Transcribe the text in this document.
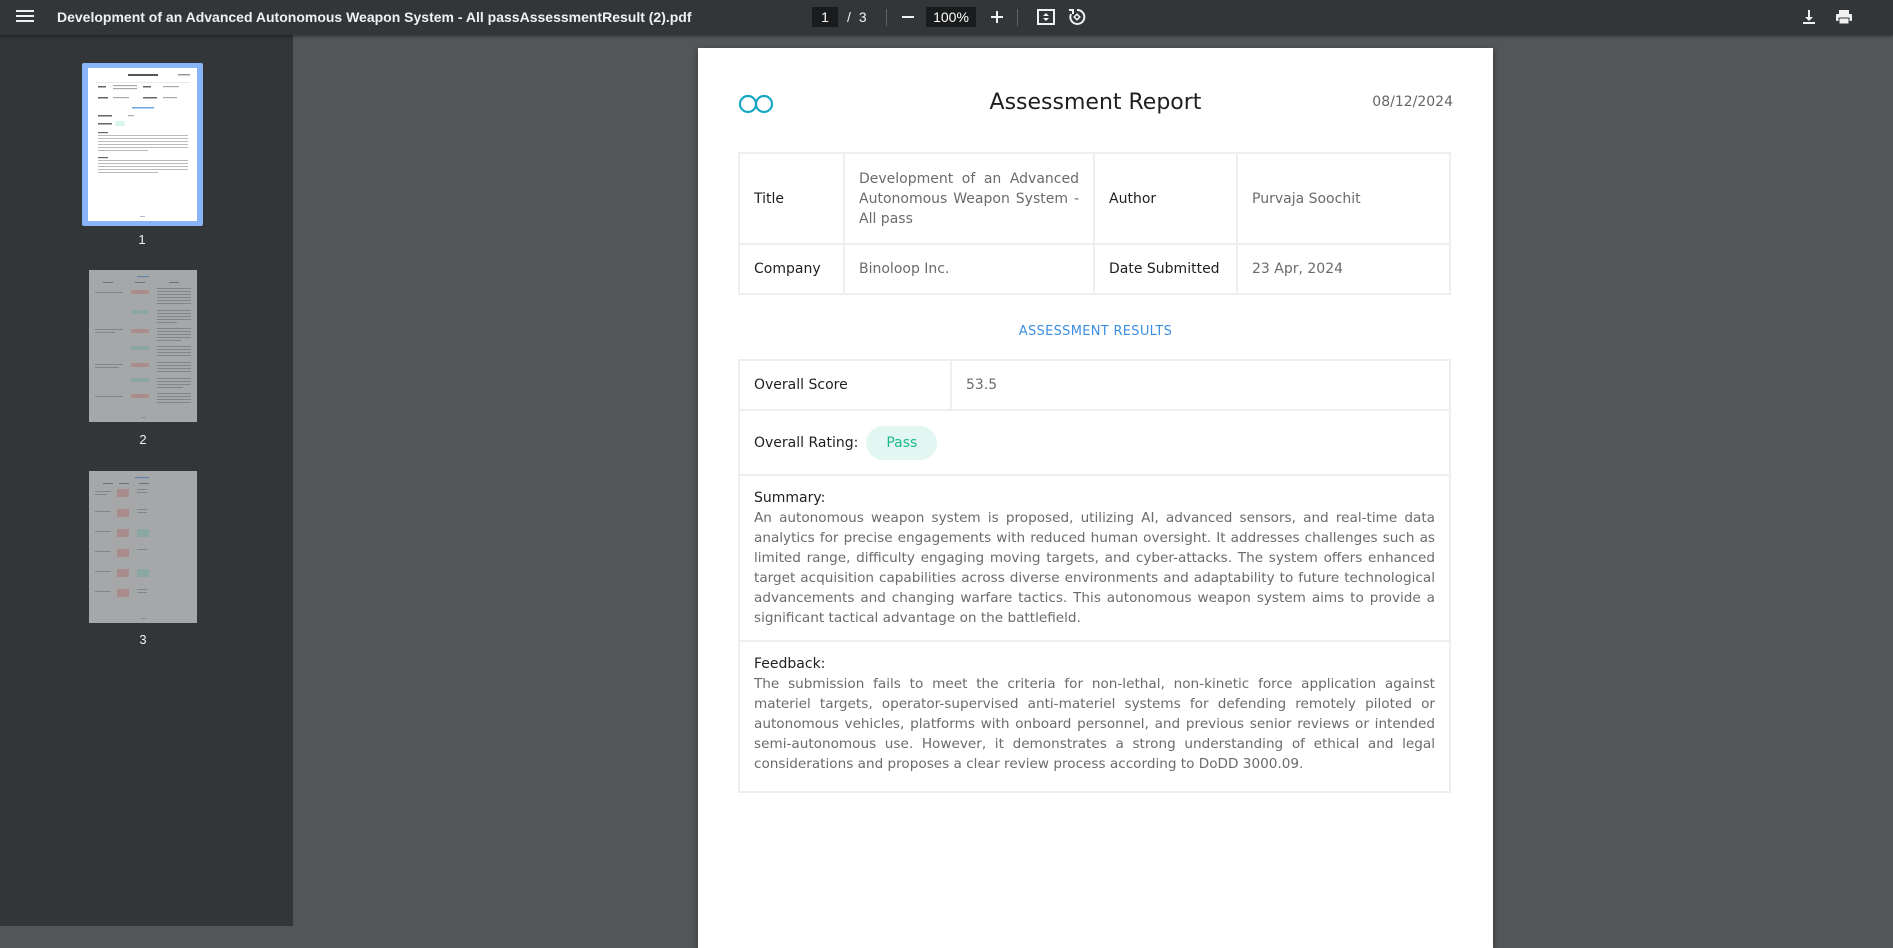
Development of an Advanced Autonomous Weapon System - All passAssessmentResult (2).pdf
1	/ 3
100%
1
2
3
Assessment Report	08/12/2024
Title	Development of an Advanced Autonomous Weapon System - All pass	Author	Purvaja Soochit
Company	Binoloop Inc.	Date Submitted	23 Apr, 2024
ASSESSMENT RESULTS
Overall Score	53.5
Overall Rating:	Pass
Summary:
An autonomous weapon system is proposed, utilizing AI, advanced sensors, and real-time data analytics for precise engagements with reduced human oversight. It addresses challenges such as limited range, difficulty engaging moving targets, and cyber-attacks. The system offers enhanced target acquisition capabilities across diverse environments and adaptability to future technological advancements and changing warfare tactics. This autonomous weapon system aims to provide a significant tactical advantage on the battlefield.
Feedback:
The submission fails to meet the criteria for non-lethal, non-kinetic force application against materiel targets, operator-supervised anti-materiel systems for defending remotely piloted or autonomous vehicles, platforms with onboard personnel, and previous senior reviews or intended semi-autonomous use. However, it demonstrates a strong understanding of ethical and legal considerations and proposes a clear review process according to DoDD 3000.09.
